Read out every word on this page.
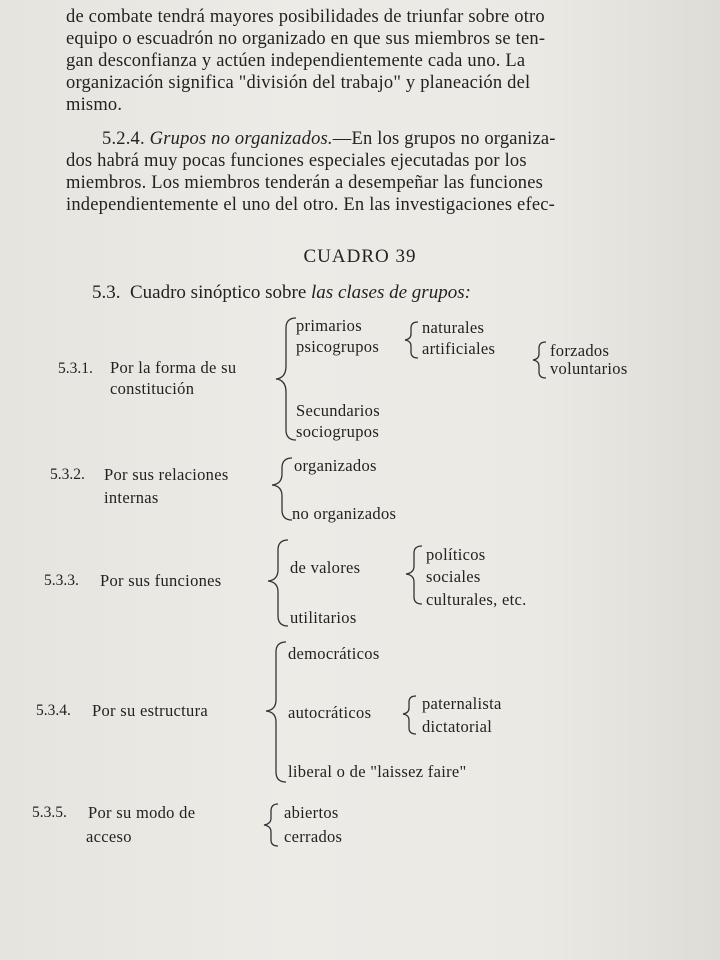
de combate tendrá mayores posibilidades de triunfar sobre otro
equipo o escuadrón no organizado en que sus miembros se ten-
gan desconfianza y actúen independientemente cada uno. La
organización significa "división del trabajo" y planeación del
mismo.
5.2.4. Grupos no organizados.—En los grupos no organiza-
dos habrá muy pocas funciones especiales ejecutadas por los
miembros. Los miembros tenderán a desempeñar las funciones
independientemente el uno del otro. En las investigaciones efec-
CUADRO 39
5.3. Cuadro sinóptico sobre las clases de grupos:
5.3.1. Por la forma de su
constitución
primarios
psicogrupos
naturales
artificiales	forzados
voluntarios
Secundarios
sociogrupos
5.3.2. Por sus relaciones
internas
organizados
no organizados
5.3.3. Por sus funciones
de valores
políticos
sociales
culturales, etc.
utilitarios
5.3.4. Por su estructura
democráticos
autocráticos	paternalista
dictatorial
liberal o de "laissez faire"
5.3.5. Por su modo de
acceso
abiertos
cerrados
